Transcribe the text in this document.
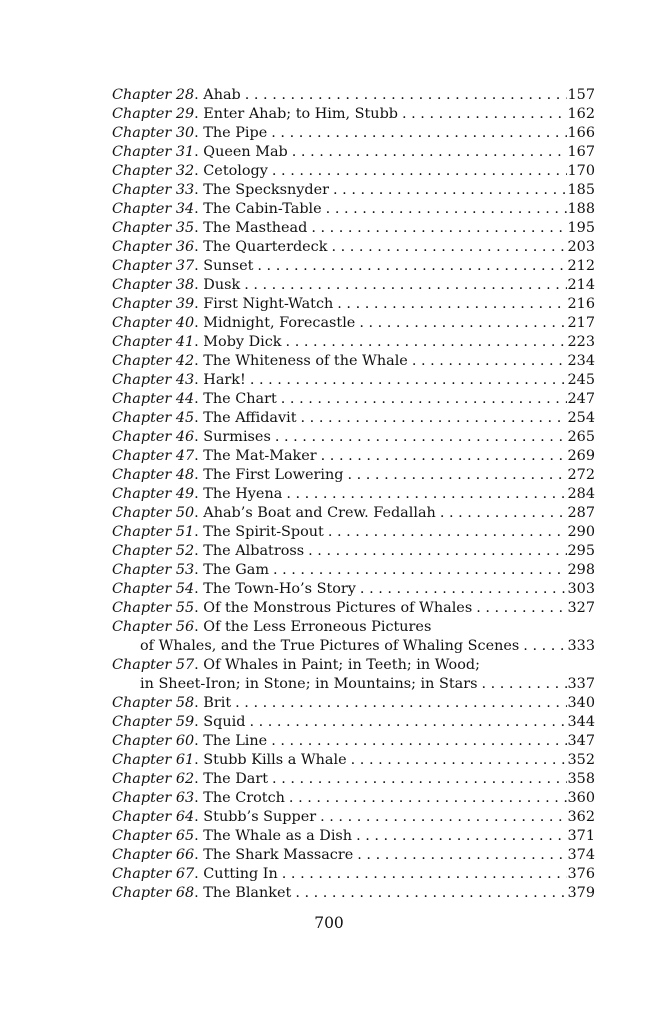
Chapter 28 . Ahab . . .	157
Chapter 29 . Enter Ahab; to Him, Stubb . . .	162
Chapter 30 . The Pipe . . .	166
Chapter 31 . Queen Mab . . .	167
Chapter 32 . Cetology . . .	170
Chapter 33 . The Specksnyder . . .	185
Chapter 34 . The Cabin-Table . . .	188
Chapter 35 . The Masthead . . .	195
Chapter 36 . The Quarterdeck . . .	203
Chapter 37 . Sunset . . .	212
Chapter 38 . Dusk . . .	214
Chapter 39 . First Night-Watch . . .	216
Chapter 40 . Midnight, Forecastle . . .	217
Chapter 41 . Moby Dick . . .	223
Chapter 42 . The Whiteness of the Whale . . .	234
Chapter 43 . Hark! . . .	245
Chapter 44 . The Chart . . .	247
Chapter 45 . The Affidavit . . .	254
Chapter 46 . Surmises . . .	265
Chapter 47 . The Mat-Maker . . .	269
Chapter 48 . The First Lowering . . .	272
Chapter 49 . The Hyena . . .	284
Chapter 50 . Ahab’s Boat and Crew. Fedallah . . .	287
Chapter 51 . The Spirit-Spout . . .	290
Chapter 52 . The Albatross . . .	295
Chapter 53 . The Gam . . .	298
Chapter 54 . The Town-Ho’s Story . . .	303
Chapter 55 . Of the Monstrous Pictures of Whales . . .	327
Chapter 56 . Of the Less Erroneous Pictures
of Whales, and the True Pictures of Whaling Scenes . . .	333
Chapter 57 . Of Whales in Paint; in Teeth; in Wood;
in Sheet-Iron; in Stone; in Mountains; in Stars . . .	337
Chapter 58 . Brit . . .	340
Chapter 59 . Squid . . .	344
Chapter 60 . The Line . . .	347
Chapter 61 . Stubb Kills a Whale . . .	352
Chapter 62 . The Dart . . .	358
Chapter 63 . The Crotch . . .	360
Chapter 64 . Stubb’s Supper . . .	362
Chapter 65 . The Whale as a Dish . . .	371
Chapter 66 . The Shark Massacre . . .	374
Chapter 67 . Cutting In . . .	376
Chapter 68 . The Blanket . . .	379
700
